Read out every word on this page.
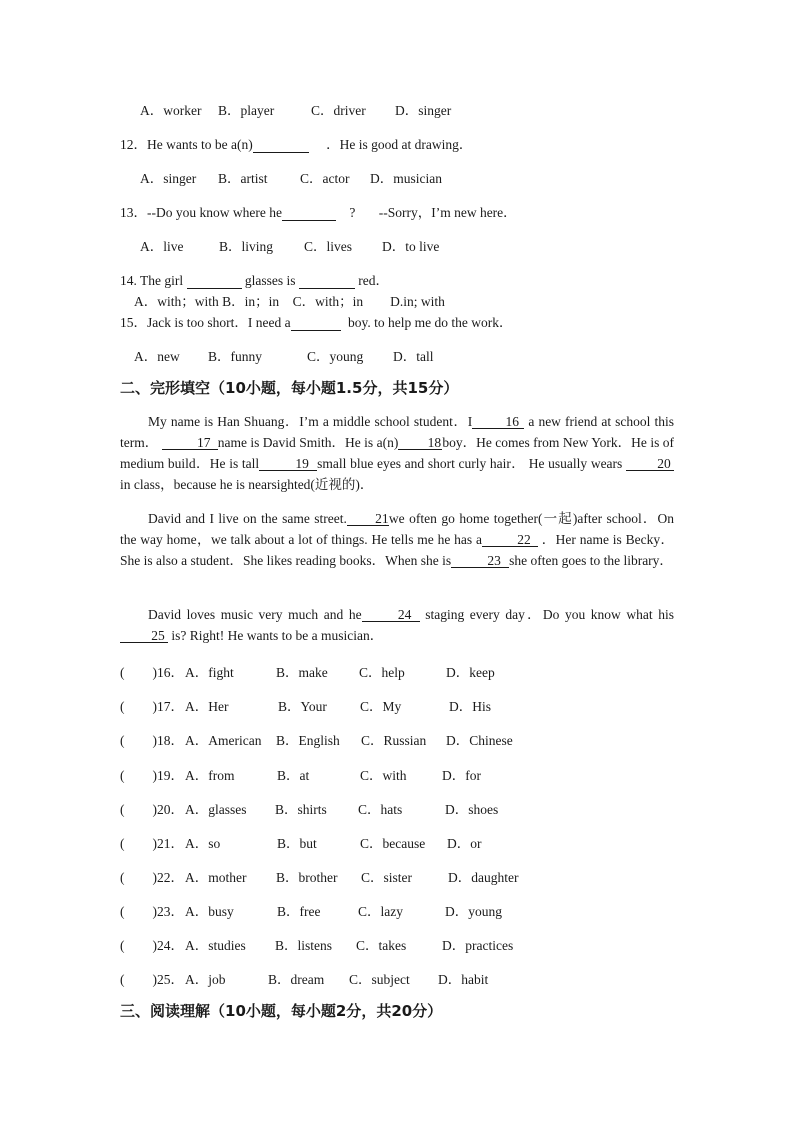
A．worker B．player	C．driver D．singer
12．He wants to be a(n)	．He is good at drawing．
A．singer B．artist C．actor D．musician
13．--Do you know where he	? --Sorry，I’m new here．
A．live	B．living C．lives D．to live
14. The girl	glasses is	red．
A．with；with B．in；in    C．with；in        D.in; with
15．Jack is too short．I need a	boy. to help me do the work．
A．new B．funny	C．young D．tall
二、完形填空（10小题，每小题1.5分，共15分）
My name is Han Shuang．I’m a middle school student．I 16 a new friend at school this term．	17 name is David Smith．He is a(n) 18boy．He comes from New York．He is of medium build．He is tall	19 small blue eyes and short curly hair． He usually wears	20 in class，because he is nearsighted(近视的)．
David and I live on the same street. 21we often go home together(一起)after school．On the way home，we talk about a lot of things. He tells me he has a	22 ．Her name is Becky． She is also a student．She likes reading books．When she is	23 she often goes to the library．
David loves music very much and he	24 staging every day．Do you know what his 25 is? Right! He wants to be a musician．
( )16． A．fight	B．make C．help	D．keep
( )17． A．Her	B．Your C．My	D．His
( )18． A．American B．English C．Russian D．Chinese
( )19． A．from	B．at	C．with	D．for
( )20． A．glasses B．shirts C．hats	D．shoes
( )21． A．so	B．but	C．because D．or
( )22． A．mother B．brother C．sister	D．daughter
( )23． A．busy	B．free	C．lazy	D．young
( )24． A．studies B．listens C．takes	D．practices
( )25． A．job	B．dream C．subject D．habit
三、阅读理解（10小题，每小题2分，共20分）
